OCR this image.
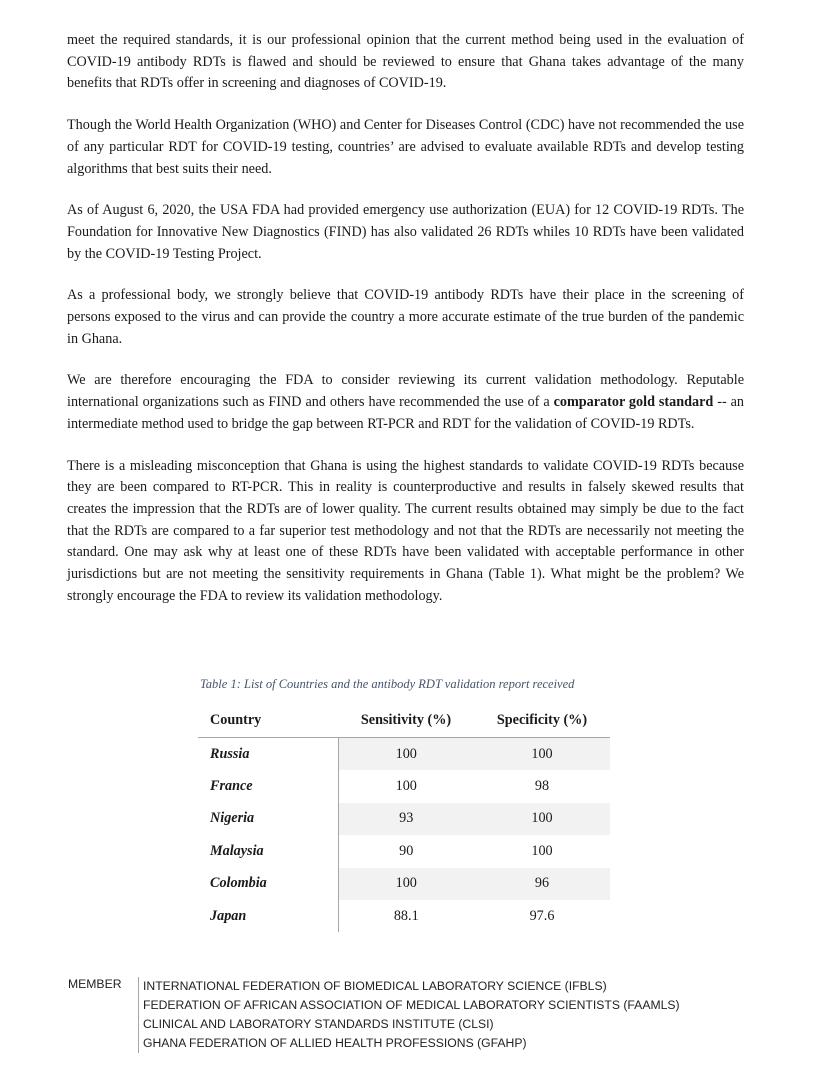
meet the required standards, it is our professional opinion that the current method being used in the evaluation of COVID-19 antibody RDTs is flawed and should be reviewed to ensure that Ghana takes advantage of the many benefits that RDTs offer in screening and diagnoses of COVID-19.

Though the World Health Organization (WHO) and Center for Diseases Control (CDC) have not recommended the use of any particular RDT for COVID-19 testing, countries’ are advised to evaluate available RDTs and develop testing algorithms that best suits their need.

As of August 6, 2020, the USA FDA had provided emergency use authorization (EUA) for 12 COVID-19 RDTs. The Foundation for Innovative New Diagnostics (FIND) has also validated 26 RDTs whiles 10 RDTs have been validated by the COVID-19 Testing Project.

As a professional body, we strongly believe that COVID-19 antibody RDTs have their place in the screening of persons exposed to the virus and can provide the country a more accurate estimate of the true burden of the pandemic in Ghana.

We are therefore encouraging the FDA to consider reviewing its current validation methodology. Reputable international organizations such as FIND and others have recommended the use of a comparator gold standard -- an intermediate method used to bridge the gap between RT-PCR and RDT for the validation of COVID-19 RDTs.

There is a misleading misconception that Ghana is using the highest standards to validate COVID-19 RDTs because they are been compared to RT-PCR. This in reality is counterproductive and results in falsely skewed results that creates the impression that the RDTs are of lower quality. The current results obtained may simply be due to the fact that the RDTs are compared to a far superior test methodology and not that the RDTs are necessarily not meeting the standard. One may ask why at least one of these RDTs have been validated with acceptable performance in other jurisdictions but are not meeting the sensitivity requirements in Ghana (Table 1). What might be the problem? We strongly encourage the FDA to review its validation methodology.

Table 1: List of Countries and the antibody RDT validation report received
Country	Sensitivity (%)	Specificity (%)
Russia	100	100
France	100	98
Nigeria	93	100
Malaysia	90	100
Colombia	100	96
Japan	88.1	97.6
MEMBER INTERNATIONAL FEDERATION OF BIOMEDICAL LABORATORY SCIENCE (IFBLS)
FEDERATION OF AFRICAN ASSOCIATION OF MEDICAL LABORATORY SCIENTISTS (FAAMLS)
CLINICAL AND LABORATORY STANDARDS INSTITUTE (CLSI)
GHANA FEDERATION OF ALLIED HEALTH PROFESSIONS (GFAHP)
